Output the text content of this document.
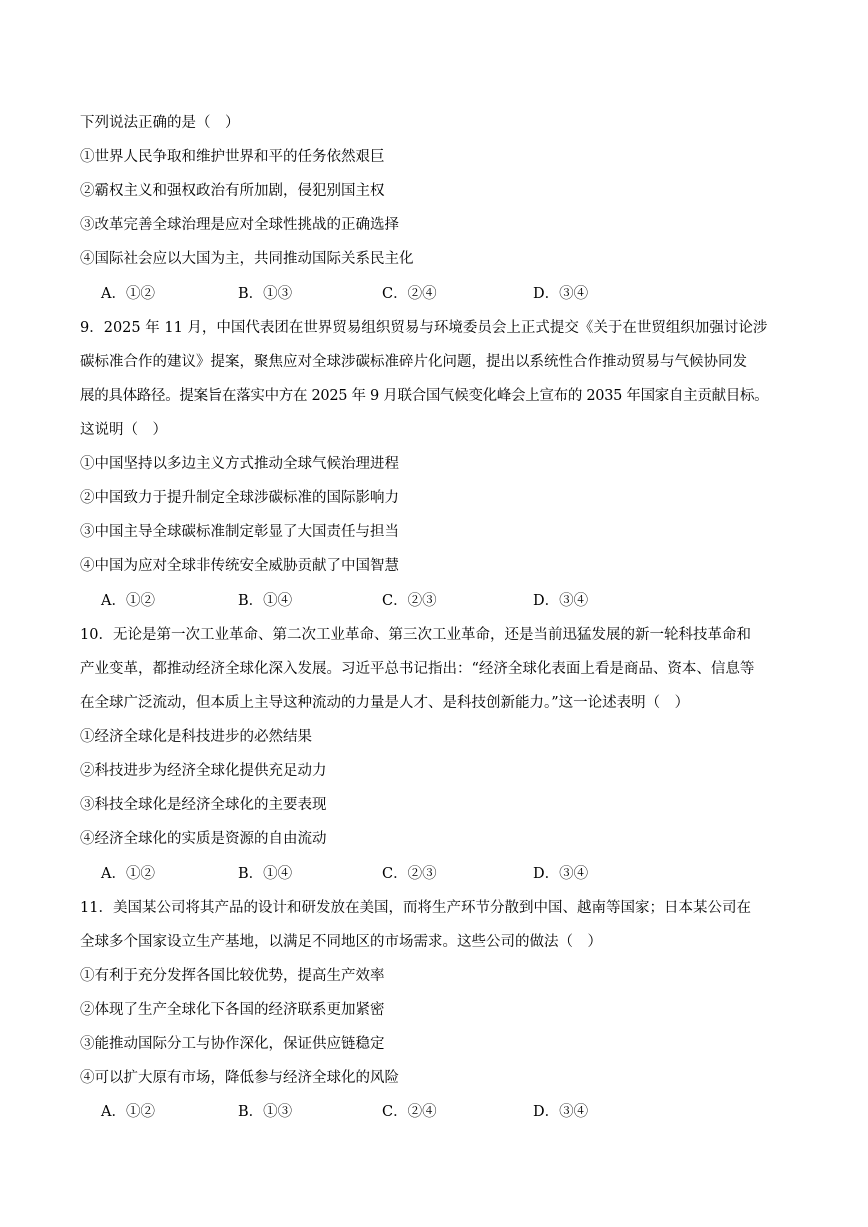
下列说法正确的是（　）
①世界人民争取和维护世界和平的任务依然艰巨
②霸权主义和强权政治有所加剧，侵犯别国主权
③改革完善全球治理是应对全球性挑战的正确选择
④国际社会应以大国为主，共同推动国际关系民主化
A．①②	B．①③	C．②④	D．③④
9．2025 年 11 月，中国代表团在世界贸易组织贸易与环境委员会上正式提交《关于在世贸组织加强讨论涉
碳标准合作的建议》提案，聚焦应对全球涉碳标准碎片化问题，提出以系统性合作推动贸易与气候协同发
展的具体路径。提案旨在落实中方在 2025 年 9 月联合国气候变化峰会上宣布的 2035 年国家自主贡献目标。
这说明（　）
①中国坚持以多边主义方式推动全球气候治理进程
②中国致力于提升制定全球涉碳标准的国际影响力
③中国主导全球碳标准制定彰显了大国责任与担当
④中国为应对全球非传统安全威胁贡献了中国智慧
A．①②	B．①④	C．②③	D．③④
10．无论是第一次工业革命、第二次工业革命、第三次工业革命，还是当前迅猛发展的新一轮科技革命和
产业变革，都推动经济全球化深入发展。习近平总书记指出：“经济全球化表面上看是商品、资本、信息等
在全球广泛流动，但本质上主导这种流动的力量是人才、是科技创新能力。”这一论述表明（　）
①经济全球化是科技进步的必然结果
②科技进步为经济全球化提供充足动力
③科技全球化是经济全球化的主要表现
④经济全球化的实质是资源的自由流动
A．①②	B．①④	C．②③	D．③④
11．美国某公司将其产品的设计和研发放在美国，而将生产环节分散到中国、越南等国家；日本某公司在
全球多个国家设立生产基地，以满足不同地区的市场需求。这些公司的做法（　）
①有利于充分发挥各国比较优势，提高生产效率
②体现了生产全球化下各国的经济联系更加紧密
③能推动国际分工与协作深化，保证供应链稳定
④可以扩大原有市场，降低参与经济全球化的风险
A．①②	B．①③	C．②④	D．③④
